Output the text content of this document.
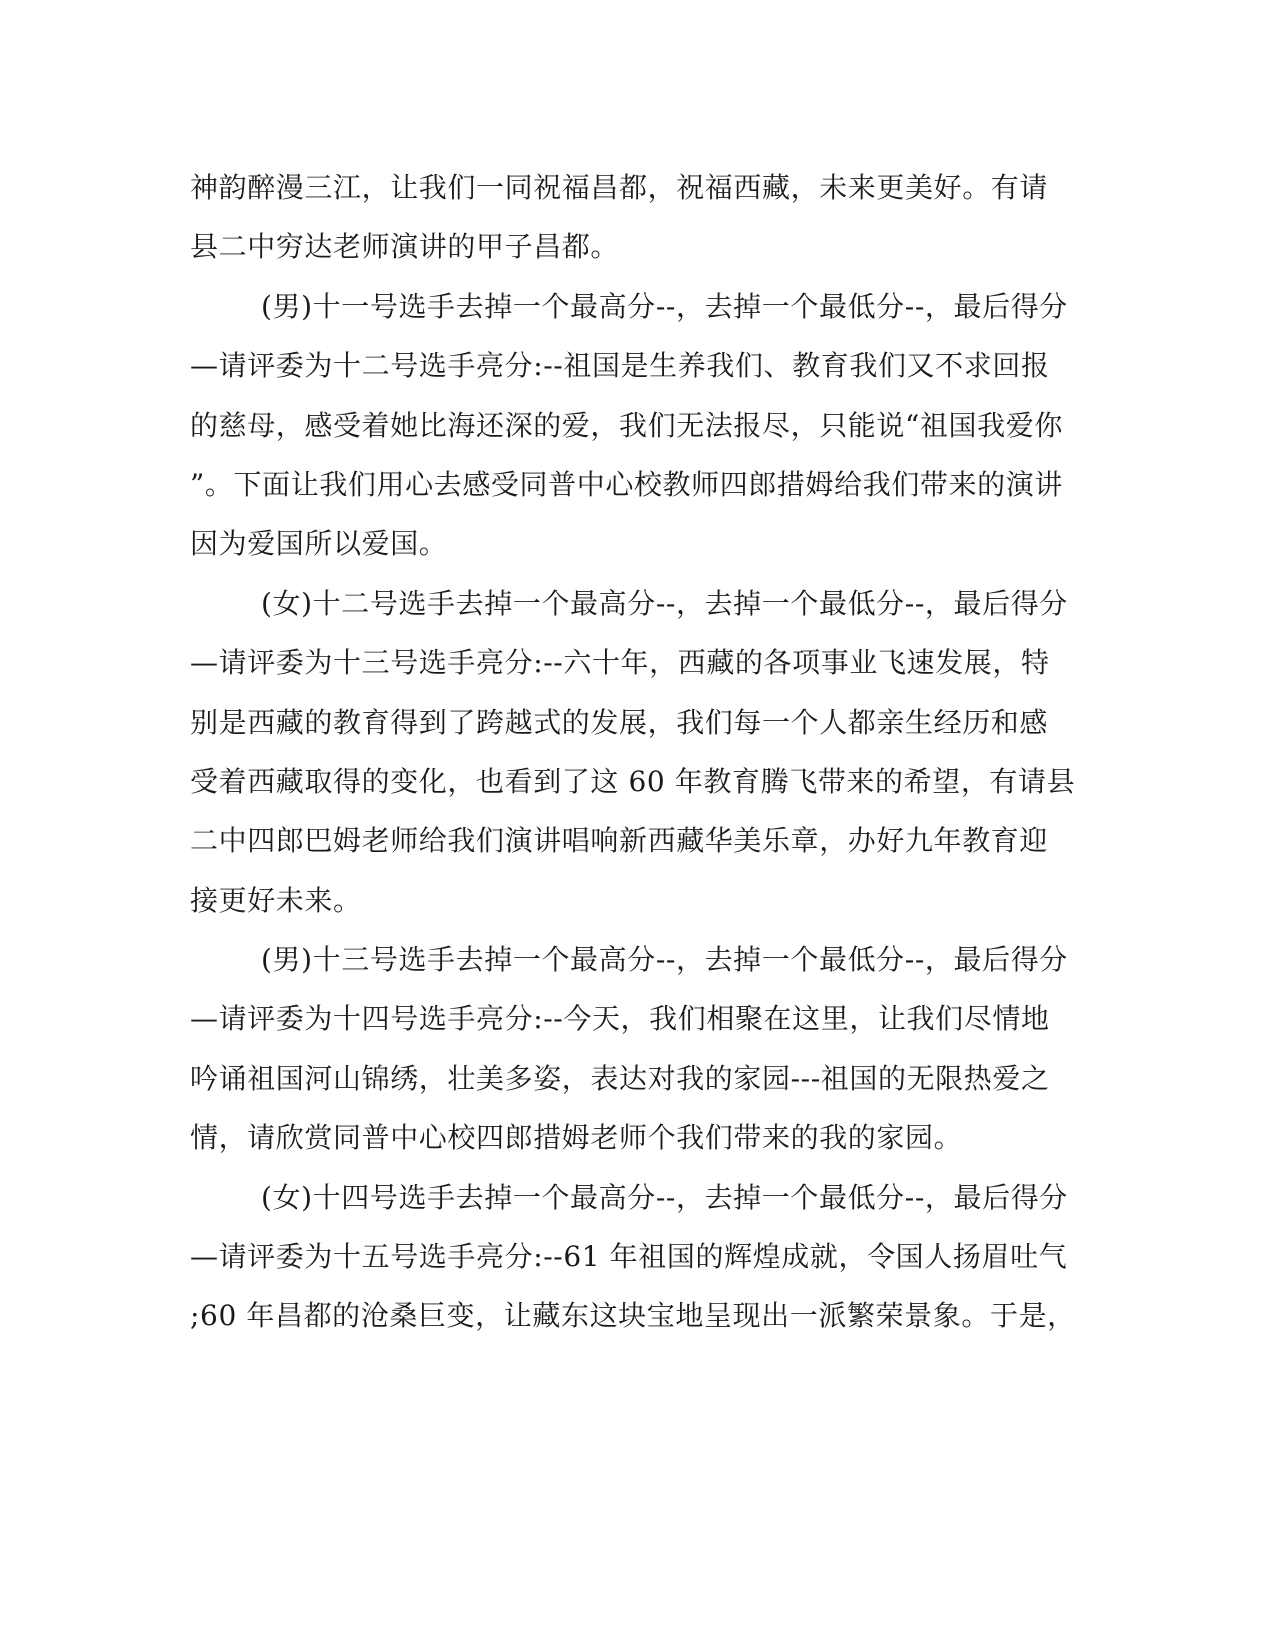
神韵醉漫三江，让我们一同祝福昌都，祝福西藏，未来更美好。有请
县二中穷达老师演讲的甲子昌都。
(男)十一号选手去掉一个最高分--，去掉一个最低分--，最后得分
—请评委为十二号选手亮分:--祖国是生养我们、教育我们又不求回报
的慈母，感受着她比海还深的爱，我们无法报尽，只能说“祖国我爱你
”。下面让我们用心去感受同普中心校教师四郎措姆给我们带来的演讲
因为爱国所以爱国。
(女)十二号选手去掉一个最高分--，去掉一个最低分--，最后得分
—请评委为十三号选手亮分:--六十年，西藏的各项事业飞速发展，特
别是西藏的教育得到了跨越式的发展，我们每一个人都亲生经历和感
受着西藏取得的变化，也看到了这 60 年教育腾飞带来的希望，有请县
二中四郎巴姆老师给我们演讲唱响新西藏华美乐章，办好九年教育迎
接更好未来。
(男)十三号选手去掉一个最高分--，去掉一个最低分--，最后得分
—请评委为十四号选手亮分:--今天，我们相聚在这里，让我们尽情地
吟诵祖国河山锦绣，壮美多姿，表达对我的家园---祖国的无限热爱之
情，请欣赏同普中心校四郎措姆老师个我们带来的我的家园。
(女)十四号选手去掉一个最高分--，去掉一个最低分--，最后得分
—请评委为十五号选手亮分:--61 年祖国的辉煌成就，令国人扬眉吐气
;60 年昌都的沧桑巨变，让藏东这块宝地呈现出一派繁荣景象。于是，
